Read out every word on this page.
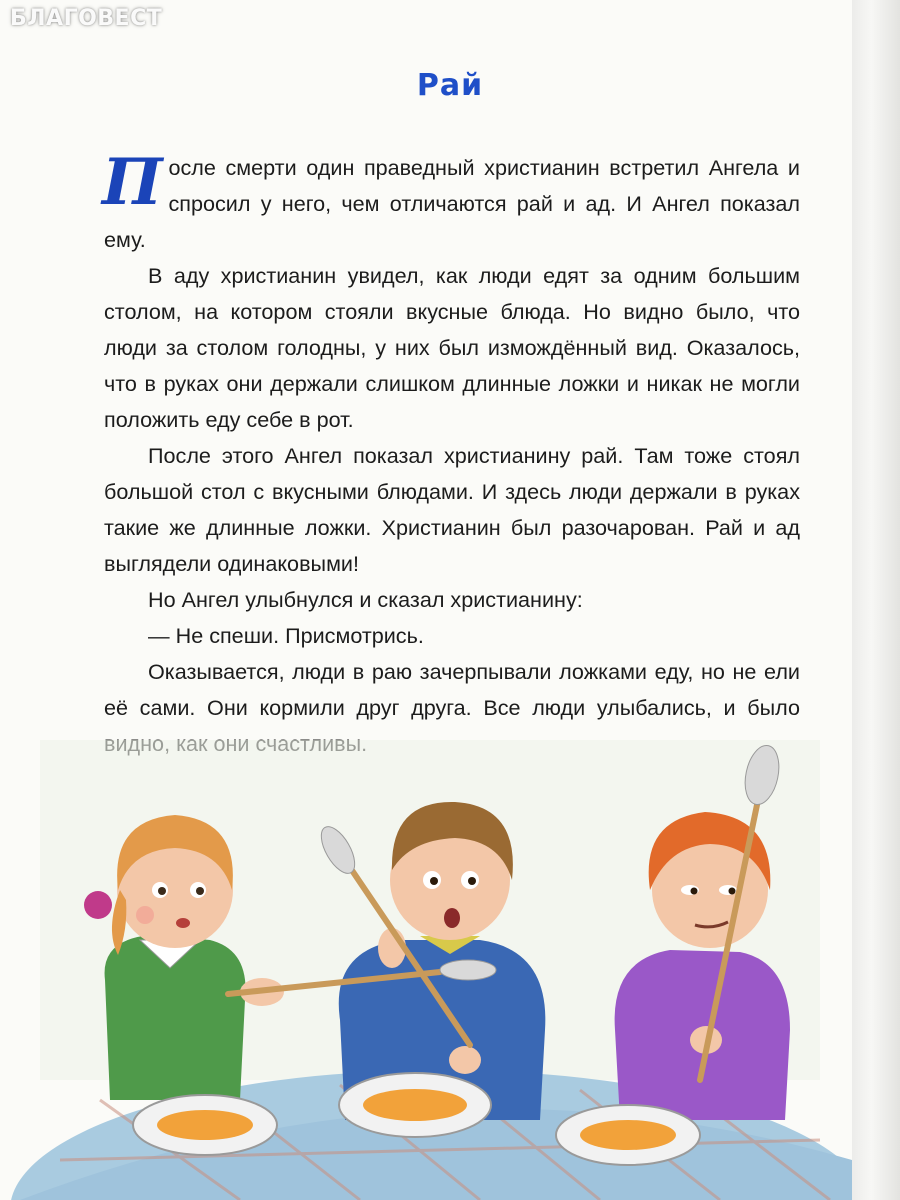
БЛАГОВЕСТ
Рай

После смерти один праведный христианин встретил Ангела и спросил у него, чем отличаются рай и ад. И Ангел показал ему.

В аду христианин увидел, как люди едят за одним большим столом, на котором стояли вкусные блюда. Но видно было, что люди за столом голодны, у них был измождённый вид. Оказалось, что в руках они держали слишком длинные ложки и никак не могли положить еду себе в рот.

После этого Ангел показал христианину рай. Там тоже стоял большой стол с вкусными блюдами. И здесь люди держали в руках такие же длинные ложки. Христианин был разочарован. Рай и ад выглядели одинаковыми!

Но Ангел улыбнулся и сказал христианину:

— Не спеши. Присмотрись.

Оказывается, люди в раю зачерпывали ложками еду, но не ели её сами. Они кормили друг друга. Все люди улыбались, и было
